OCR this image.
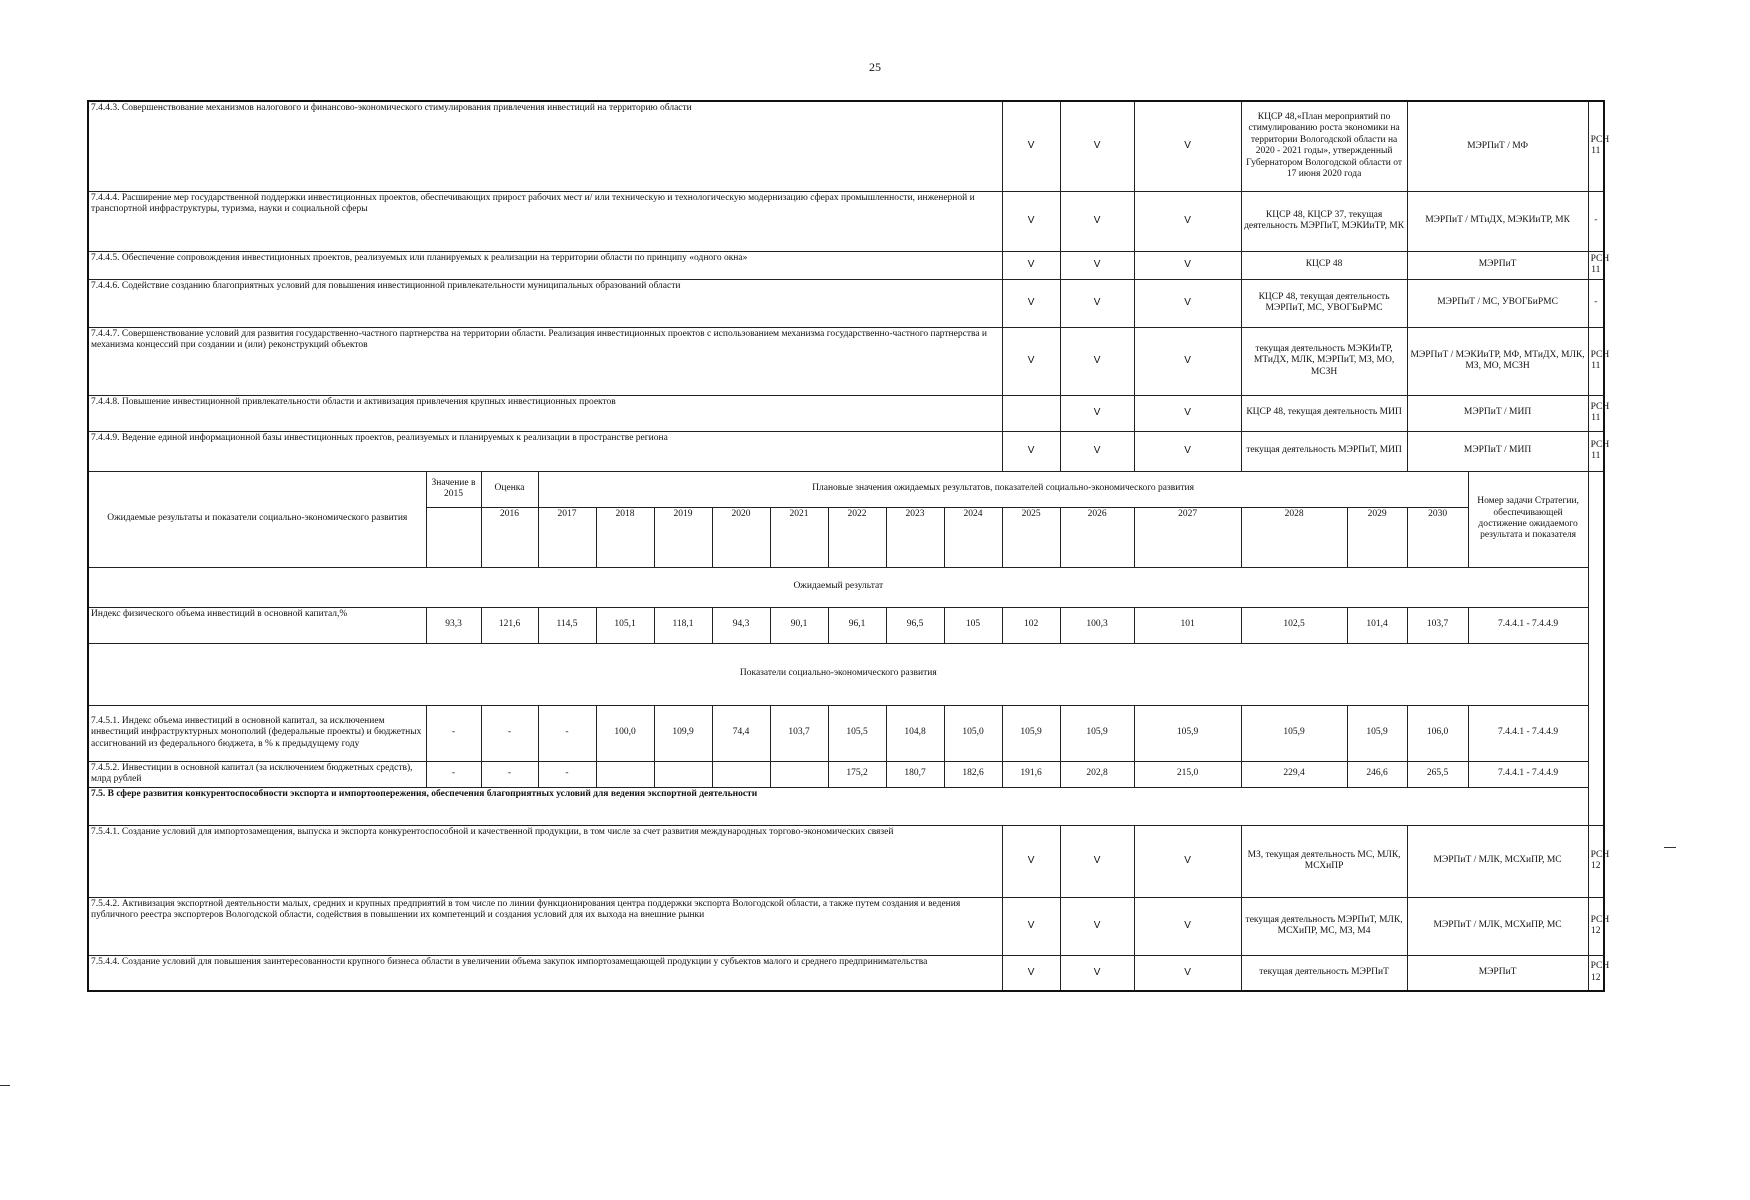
25
7.4.4.3. Совершенствование механизмов налогового и финансово-экономического стимулирования привлечения инвестиций на территорию области											V	V	V	КЦСР 48,«План мероприятий по стимулированию роста экономики на территории Вологодской области на 2020 - 2021 годы», утвержденный Губернатором Вологодской области от 17 июня 2020 года		МЭРПиТ / МФ		РСН 11
7.4.4.4. Расширение мер государственной поддержки инвестиционных проектов, обеспечивающих прирост рабочих мест и/ или техническую и технологическую модернизацию сферах промышленности, инженерной и транспортной инфраструктуры, туризма, науки и социальной сферы											V	V	V	КЦСР 48, КЦСР 37, текущая деятельность МЭРПиТ, МЭКИиТР, МК		МЭРПиТ / МТиДХ, МЭКИиТР, МК		-
7.4.4.5. Обеспечение сопровождения инвестиционных проектов, реализуемых или планируемых к реализации на территории области по принципу «одного окна»											V	V	V	КЦСР 48		МЭРПиТ		РСН 11
7.4.4.6. Содействие созданию благоприятных условий для повышения инвестиционной привлекательности муниципальных образований области											V	V	V	КЦСР 48, текущая деятельность МЭРПиТ, МС, УВОГБиРМС		МЭРПиТ / МС, УВОГБиРМС		-
7.4.4.7. Совершенствование условий для развития государственно-частного партнерства на территории области. Реализация инвестиционных проектов с использованием механизма государственно-частного партнерства и механизма концессий при создании и (или) реконструкций объектов											V	V	V	текущая деятельность МЭКИиТР, МТиДХ, МЛК, МЭРПиТ, МЗ, МО, МСЗН		МЭРПиТ / МЭКИиТР, МФ, МТиДХ, МЛК, МЗ, МО, МСЗН		РСН 11
7.4.4.8. Повышение инвестиционной привлекательности области и активизация привлечения крупных инвестиционных проектов												V	V	КЦСР 48, текущая деятельность МИП		МЭРПиТ / МИП		РСН 11
7.4.4.9. Ведение единой информационной базы инвестиционных проектов, реализуемых и планируемых к реализации в пространстве региона											V	V	V	текущая деятельность МЭРПиТ, МИП		МЭРПиТ / МИП		РСН 11
Ожидаемые результаты и показатели социально-экономического развития	Значение в 2015	Оценка	Плановые значения ожидаемых результатов, показателей социально-экономического развития														Номер задачи Стратегии, обеспечивающей достижение ожидаемого результата и показателя	
		2016	2017	2018	2019	2020	2021	2022	2023	2024	2025	2026	2027	2028	2029	2030		
Ожидаемый результат																		
Индекс физического объема инвестиций в основной капитал,%	93,3	121,6	114,5	105,1	118,1	94,3	90,1	96,1	96,5	105	102	100,3	101	102,5	101,4	103,7	7.4.4.1 - 7.4.4.9	
Показатели социально-экономического развития																		
7.4.5.1. Индекс объема инвестиций в основной капитал, за исключением инвестиций инфраструктурных монополий (федеральные проекты) и бюджетных ассигнований из федерального бюджета, в % к предыдущему году	-	-	-	100,0	109,9	74,4	103,7	105,5	104,8	105,0	105,9	105,9	105,9	105,9	105,9	106,0	7.4.4.1 - 7.4.4.9	
7.4.5.2. Инвестиции в основной капитал (за исключением бюджетных средств), млрд рублей	-	-	-					175,2	180,7	182,6	191,6	202,8	215,0	229,4	246,6	265,5	7.4.4.1 - 7.4.4.9	
7.5. В сфере развития конкурентоспособности экспорта и импортоопережения, обеспечения благоприятных условий для ведения экспортной деятельности																		
7.5.4.1. Создание условий для импортозамещения, выпуска и экспорта конкурентоспособной и качественной продукции, в том числе за счет развития международных торгово-экономических связей											V	V	V	МЗ, текущая деятельность МС, МЛК, МСХиПР		МЭРПиТ / МЛК, МСХиПР, МС		РСН 12
7.5.4.2. Активизация экспортной деятельности малых, средних и крупных предприятий в том числе по линии функционирования центра поддержки экспорта Вологодской области, а также путем создания и ведения публичного реестра экспортеров Вологодской области, содействия в повышении их компетенций и создания условий для их выхода на внешние рынки											V	V	V	текущая деятельность МЭРПиТ, МЛК, МСХиПР, МС, МЗ, М4		МЭРПиТ / МЛК, МСХиПР, МС		РСН 12
7.5.4.4. Создание условий для повышения заинтересованности крупного бизнеса области в увеличении объема закупок импортозамещающей продукции у субъектов малого и среднего предпринимательства											V	V	V	текущая деятельность МЭРПиТ		МЭРПиТ		РСН 12
